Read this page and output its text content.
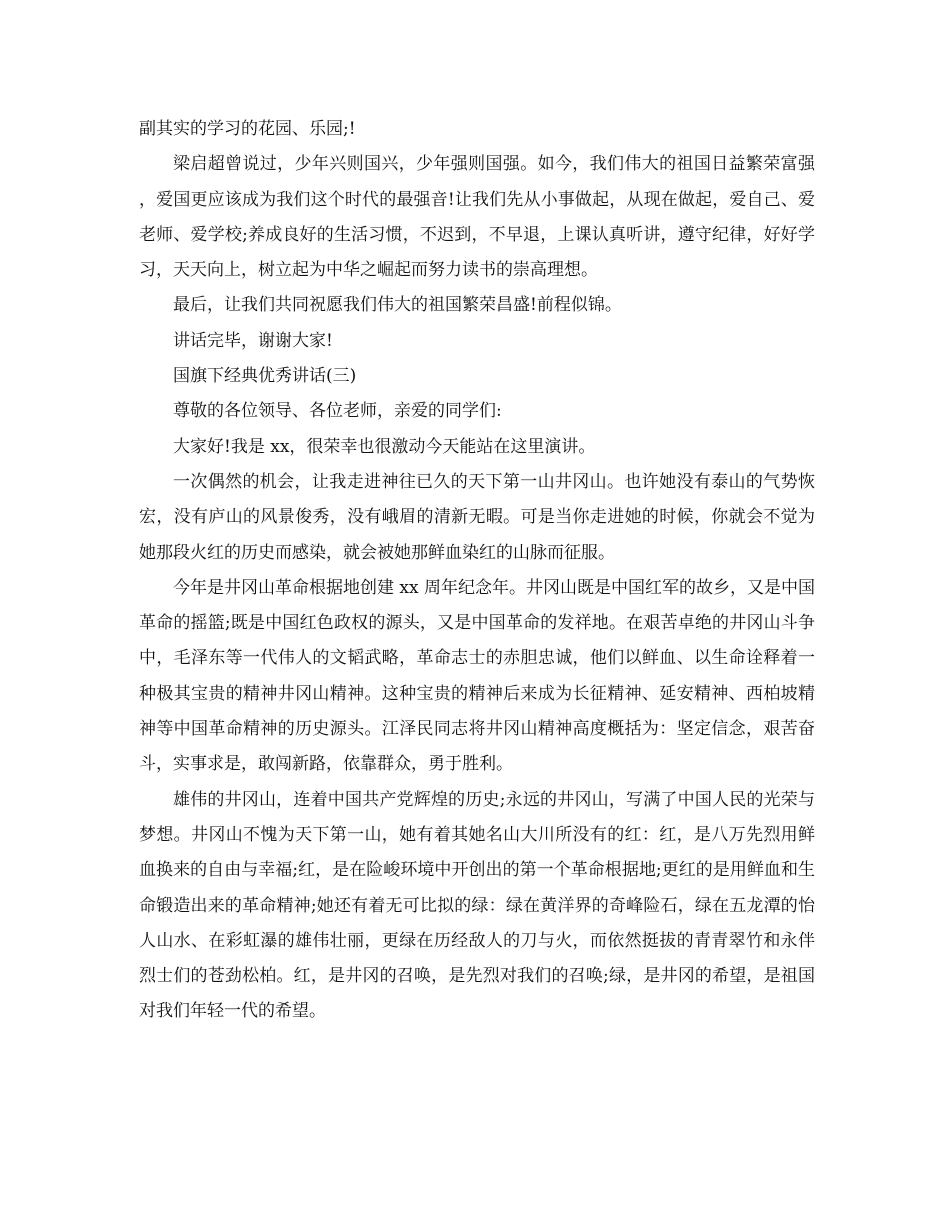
副其实的学习的花园、乐园;!

梁启超曾说过，少年兴则国兴，少年强则国强。如今，我们伟大的祖国日益繁荣富强，爱国更应该成为我们这个时代的最强音!让我们先从小事做起，从现在做起，爱自己、爱老师、爱学校;养成良好的生活习惯，不迟到，不早退，上课认真听讲，遵守纪律，好好学习，天天向上，树立起为中华之崛起而努力读书的崇高理想。

最后，让我们共同祝愿我们伟大的祖国繁荣昌盛!前程似锦。

讲话完毕，谢谢大家!

国旗下经典优秀讲话(三)

尊敬的各位领导、各位老师，亲爱的同学们:

大家好!我是 xx，很荣幸也很激动今天能站在这里演讲。

一次偶然的机会，让我走进神往已久的天下第一山井冈山。也许她没有泰山的气势恢宏，没有庐山的风景俊秀，没有峨眉的清新无暇。可是当你走进她的时候，你就会不觉为她那段火红的历史而感染，就会被她那鲜血染红的山脉而征服。

今年是井冈山革命根据地创建 xx 周年纪念年。井冈山既是中国红军的故乡，又是中国革命的摇篮;既是中国红色政权的源头，又是中国革命的发祥地。在艰苦卓绝的井冈山斗争中，毛泽东等一代伟人的文韬武略，革命志士的赤胆忠诚，他们以鲜血、以生命诠释着一种极其宝贵的精神井冈山精神。这种宝贵的精神后来成为长征精神、延安精神、西柏坡精神等中国革命精神的历史源头。江泽民同志将井冈山精神高度概括为：坚定信念，艰苦奋斗，实事求是，敢闯新路，依靠群众，勇于胜利。

雄伟的井冈山，连着中国共产党辉煌的历史;永远的井冈山，写满了中国人民的光荣与梦想。井冈山不愧为天下第一山，她有着其她名山大川所没有的红：红，是八万先烈用鲜血换来的自由与幸福;红，是在险峻环境中开创出的第一个革命根据地;更红的是用鲜血和生命锻造出来的革命精神;她还有着无可比拟的绿：绿在黄洋界的奇峰险石，绿在五龙潭的怡人山水、在彩虹瀑的雄伟壮丽，更绿在历经敌人的刀与火，而依然挺拔的青青翠竹和永伴烈士们的苍劲松柏。红，是井冈的召唤，是先烈对我们的召唤;绿，是井冈的希望，是祖国对我们年轻一代的希望。
